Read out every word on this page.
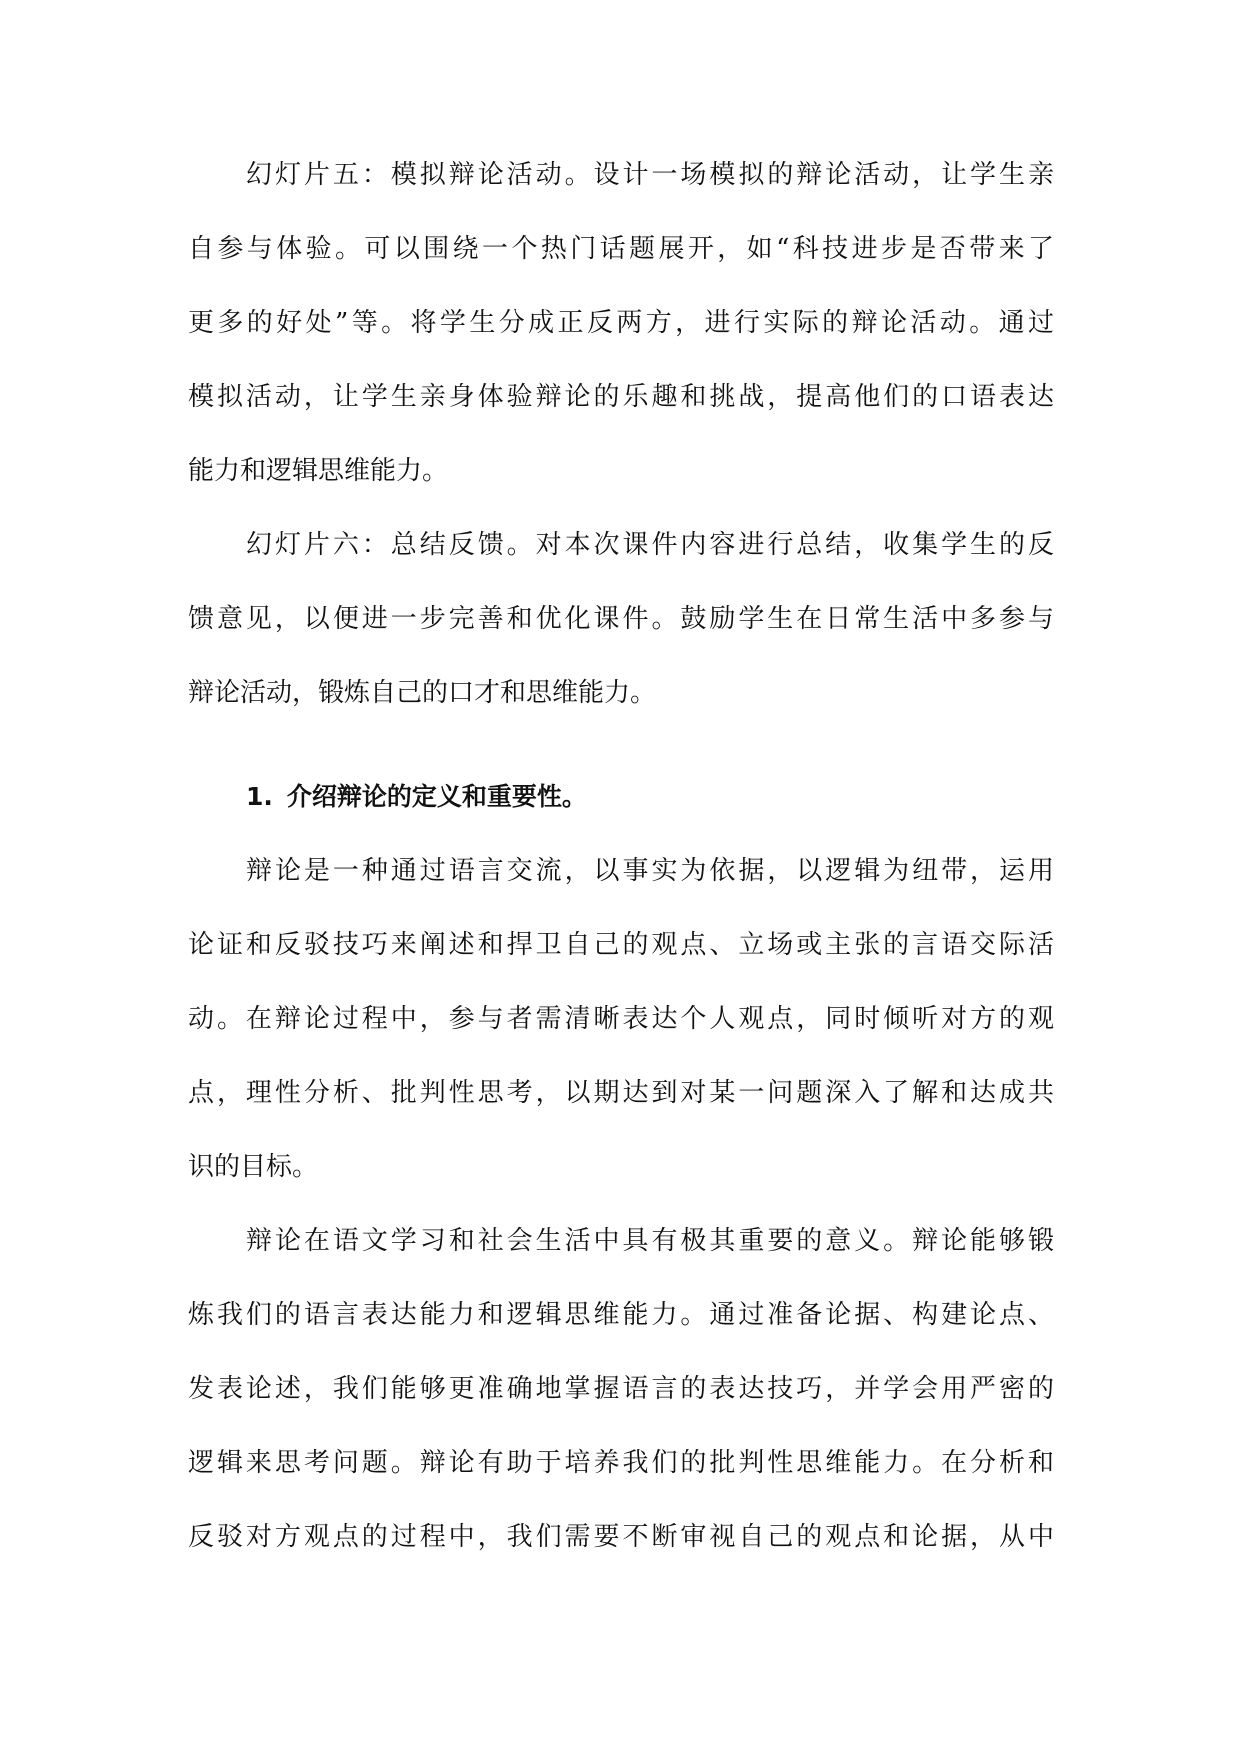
幻灯片五：模拟辩论活动。设计一场模拟的辩论活动，让学生亲
自参与体验。可以围绕一个热门话题展开，如“科技进步是否带来了
更多的好处”等。将学生分成正反两方，进行实际的辩论活动。通过
模拟活动，让学生亲身体验辩论的乐趣和挑战，提高他们的口语表达
能力和逻辑思维能力。
幻灯片六：总结反馈。对本次课件内容进行总结，收集学生的反
馈意见，以便进一步完善和优化课件。鼓励学生在日常生活中多参与
辩论活动，锻炼自己的口才和思维能力。
1. 介绍辩论的定义和重要性。
辩论是一种通过语言交流，以事实为依据，以逻辑为纽带，运用
论证和反驳技巧来阐述和捍卫自己的观点、立场或主张的言语交际活
动。在辩论过程中，参与者需清晰表达个人观点，同时倾听对方的观
点，理性分析、批判性思考，以期达到对某一问题深入了解和达成共
识的目标。
辩论在语文学习和社会生活中具有极其重要的意义。辩论能够锻
炼我们的语言表达能力和逻辑思维能力。通过准备论据、构建论点、
发表论述，我们能够更准确地掌握语言的表达技巧，并学会用严密的
逻辑来思考问题。辩论有助于培养我们的批判性思维能力。在分析和
反驳对方观点的过程中，我们需要不断审视自己的观点和论据，从中
